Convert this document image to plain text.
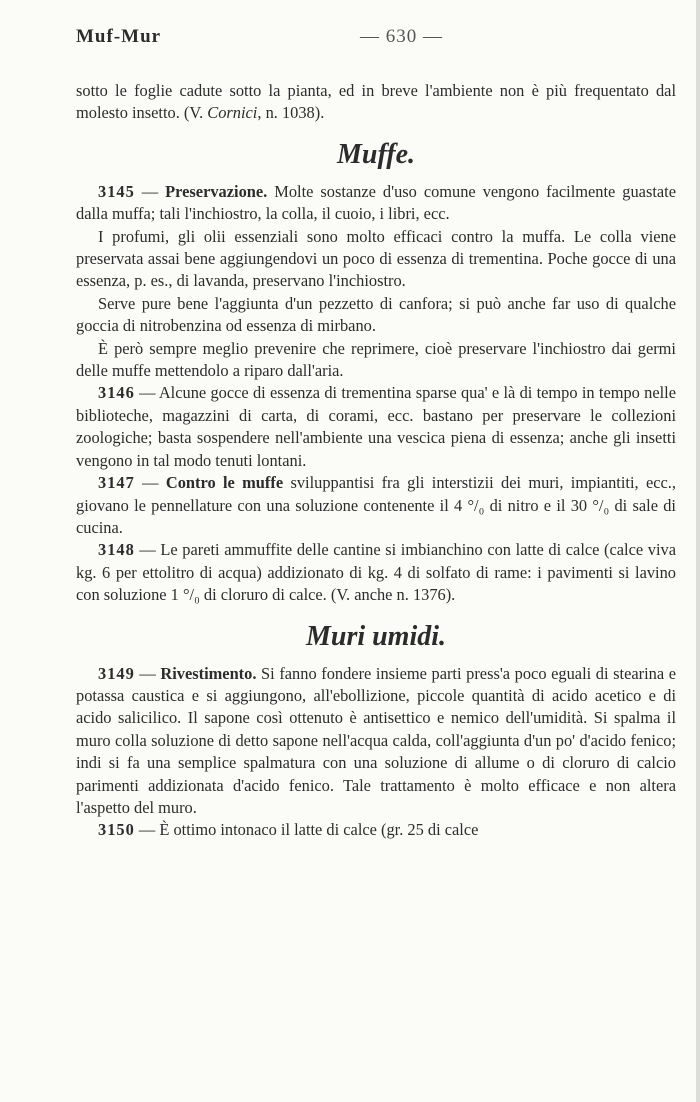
Muf-Mur	— 630 —

sotto le foglie cadute sotto la pianta, ed in breve l'ambiente non è più frequentato dal molesto insetto. (V. Cornici, n. 1038).

Muffe.

3145 — Preservazione. Molte sostanze d'uso comune vengono facilmente guastate dalla muffa; tali l'inchiostro, la colla, il cuoio, i libri, ecc.

I profumi, gli olii essenziali sono molto efficaci contro la muffa. Le colla viene preservata assai bene aggiungendovi un poco di essenza di trementina. Poche gocce di una essenza, p. es., di lavanda, preservano l'inchiostro.

Serve pure bene l'aggiunta d'un pezzetto di canfora; si può anche far uso di qualche goccia di nitrobenzina od essenza di mirbano.

È però sempre meglio prevenire che reprimere, cioè preservare l'inchiostro dai germi delle muffe mettendolo a riparo dall'aria.

3146 — Alcune gocce di essenza di trementina sparse qua' e là di tempo in tempo nelle biblioteche, magazzini di carta, di corami, ecc. bastano per preservare le collezioni zoologiche; basta sospendere nell'ambiente una vescica piena di essenza; anche gli insetti vengono in tal modo tenuti lontani.

3147 — Contro le muffe sviluppantisi fra gli interstizii dei muri, impiantiti, ecc., giovano le pennellature con una soluzione contenente il 4 °/₀ di nitro e il 30 °/₀ di sale di cucina.

3148 — Le pareti ammuffite delle cantine si imbianchino con latte di calce (calce viva kg. 6 per ettolitro di acqua) addizionato di kg. 4 di solfato di rame: i pavimenti si lavino con soluzione 1 °/₀ di cloruro di calce. (V. anche n. 1376).

Muri umidi.

3149 — Rivestimento. Si fanno fondere insieme parti press'a poco eguali di stearina e potassa caustica e si aggiungono, all'ebollizione, piccole quantità di acido acetico e di acido salicilico. Il sapone così ottenuto è antisettico e nemico dell'umidità. Si spalma il muro colla soluzione di detto sapone nell'acqua calda, coll'aggiunta d'un po' d'acido fenico; indi si fa una semplice spalmatura con una soluzione di allume o di cloruro di calcio parimenti addizionata d'acido fenico. Tale trattamento è molto efficace e non altera l'aspetto del muro.

3150 — È ottimo intonaco il latte di calce (gr. 25 di calce
